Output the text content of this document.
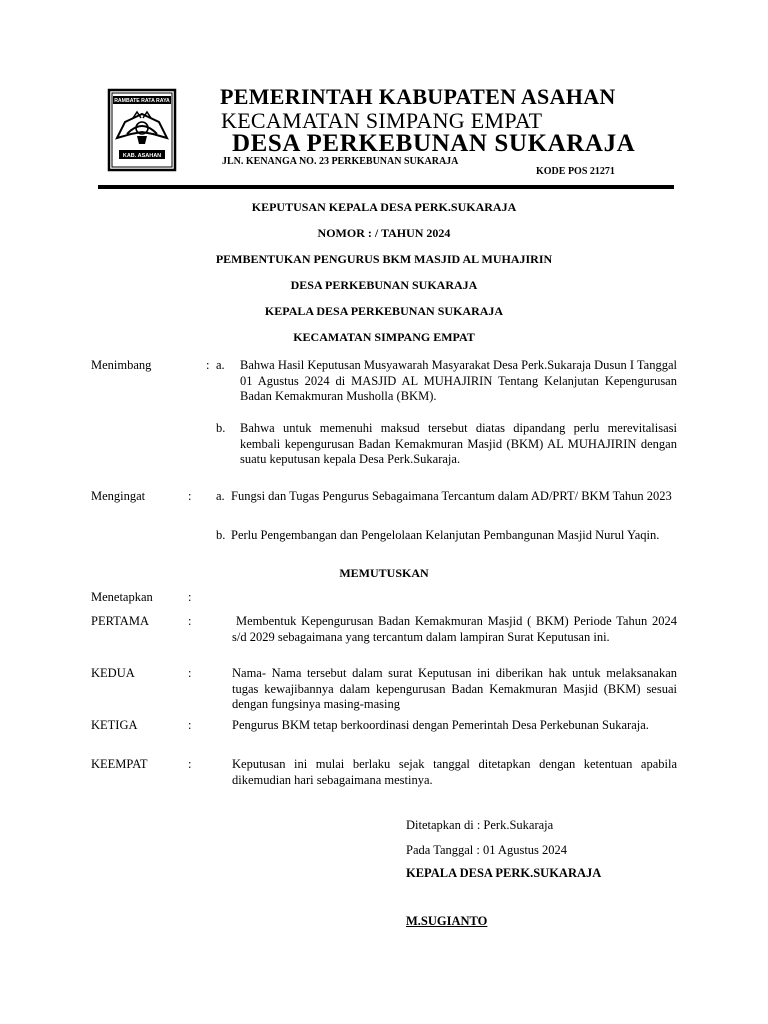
RAMBATE RATA RAYA
KAB. ASAHAN
PEMERINTAH KABUPATEN ASAHAN
KECAMATAN SIMPANG EMPAT
DESA PERKEBUNAN SUKARAJA
JLN. KENANGA NO. 23 PERKEBUNAN SUKARAJA
KODE POS 21271
KEPUTUSAN KEPALA DESA PERK.SUKARAJA
NOMOR : / TAHUN 2024
PEMBENTUKAN PENGURUS BKM MASJID AL MUHAJIRIN
DESA PERKEBUNAN SUKARAJA
KEPALA DESA PERKEBUNAN SUKARAJA
KECAMATAN SIMPANG EMPAT
Menimbang	: a. Bahwa Hasil Keputusan Musyawarah Masyarakat Desa Perk.Sukaraja Dusun I Tanggal 01 Agustus 2024 di MASJID AL MUHAJIRIN Tentang Kelanjutan Kepengurusan Badan Kemakmuran Musholla (BKM).
b. Bahwa untuk memenuhi maksud tersebut diatas dipandang perlu merevitalisasi kembali kepengurusan Badan Kemakmuran Masjid (BKM) AL MUHAJIRIN dengan suatu keputusan kepala Desa Perk.Sukaraja.
Mengingat	: a. Fungsi dan Tugas Pengurus Sebagaimana Tercantum dalam AD/PRT/ BKM Tahun 2023
b. Perlu Pengembangan dan Pengelolaan Kelanjutan Pembangunan Masjid Nurul Yaqin.
MEMUTUSKAN
Menetapkan	:
PERTAMA	:	Membentuk Kepengurusan Badan Kemakmuran Masjid ( BKM) Periode Tahun 2024 s/d 2029 sebagaimana yang tercantum dalam lampiran Surat Keputusan ini.
KEDUA	:	Nama- Nama tersebut dalam surat Keputusan ini diberikan hak untuk melaksanakan tugas kewajibannya dalam kepengurusan Badan Kemakmuran Masjid (BKM) sesuai dengan fungsinya masing-masing
KETIGA	:	Pengurus BKM tetap berkoordinasi dengan Pemerintah Desa Perkebunan Sukaraja.
KEEMPAT	:	Keputusan ini mulai berlaku sejak tanggal ditetapkan dengan ketentuan apabila dikemudian hari sebagaimana mestinya.
Ditetapkan di : Perk.Sukaraja
Pada Tanggal : 01 Agustus 2024
KEPALA DESA PERK.SUKARAJA
M.SUGIANTO
